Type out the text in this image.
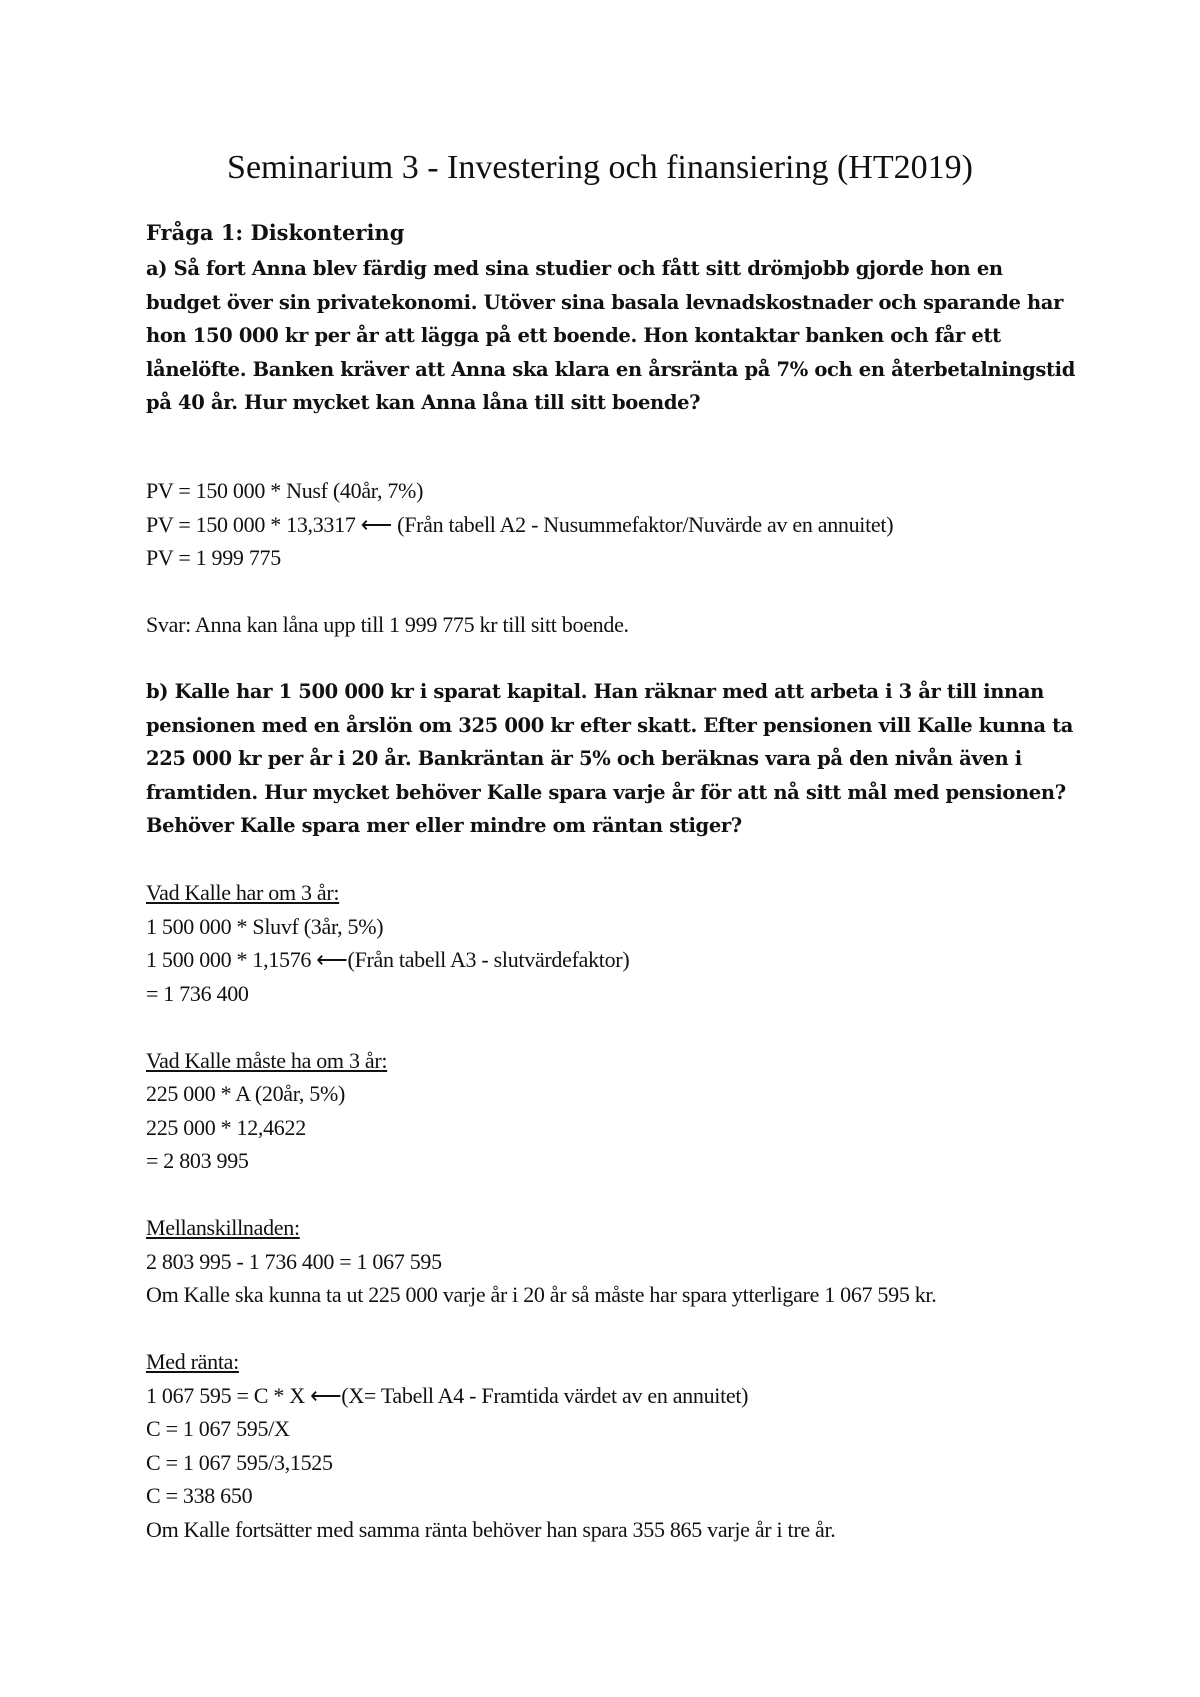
Seminarium 3 - Investering och finansiering (HT2019)
Fråga 1: Diskontering
a) Så fort Anna blev färdig med sina studier och fått sitt drömjobb gjorde hon en
budget över sin privatekonomi. Utöver sina basala levnadskostnader och sparande har
hon 150 000 kr per år att lägga på ett boende. Hon kontaktar banken och får ett
lånelöfte. Banken kräver att Anna ska klara en årsränta på 7% och en återbetalningstid
på 40 år. Hur mycket kan Anna låna till sitt boende?
PV = 150 000 * Nusf (40år, 7%)
PV = 150 000 * 13,3317 ⟵ (Från tabell A2 - Nusummefaktor/Nuvärde av en annuitet)
PV = 1 999 775
Svar: Anna kan låna upp till 1 999 775 kr till sitt boende.
b) Kalle har 1 500 000 kr i sparat kapital. Han räknar med att arbeta i 3 år till innan
pensionen med en årslön om 325 000 kr efter skatt. Efter pensionen vill Kalle kunna ta
225 000 kr per år i 20 år. Bankräntan är 5% och beräknas vara på den nivån även i
framtiden. Hur mycket behöver Kalle spara varje år för att nå sitt mål med pensionen?
Behöver Kalle spara mer eller mindre om räntan stiger?
Vad Kalle har om 3 år:
1 500 000 * Sluvf (3år, 5%)
1 500 000 * 1,1576 ⟵(Från tabell A3 - slutvärdefaktor)
= 1 736 400
Vad Kalle måste ha om 3 år:
225 000 * A (20år, 5%)
225 000 * 12,4622
= 2 803 995
Mellanskillnaden:
2 803 995 - 1 736 400 = 1 067 595
Om Kalle ska kunna ta ut 225 000 varje år i 20 år så måste har spara ytterligare 1 067 595 kr.
Med ränta:
1 067 595 = C * X ⟵(X= Tabell A4 - Framtida värdet av en annuitet)
C = 1 067 595/X
C = 1 067 595/3,1525
C = 338 650
Om Kalle fortsätter med samma ränta behöver han spara 355 865 varje år i tre år.
